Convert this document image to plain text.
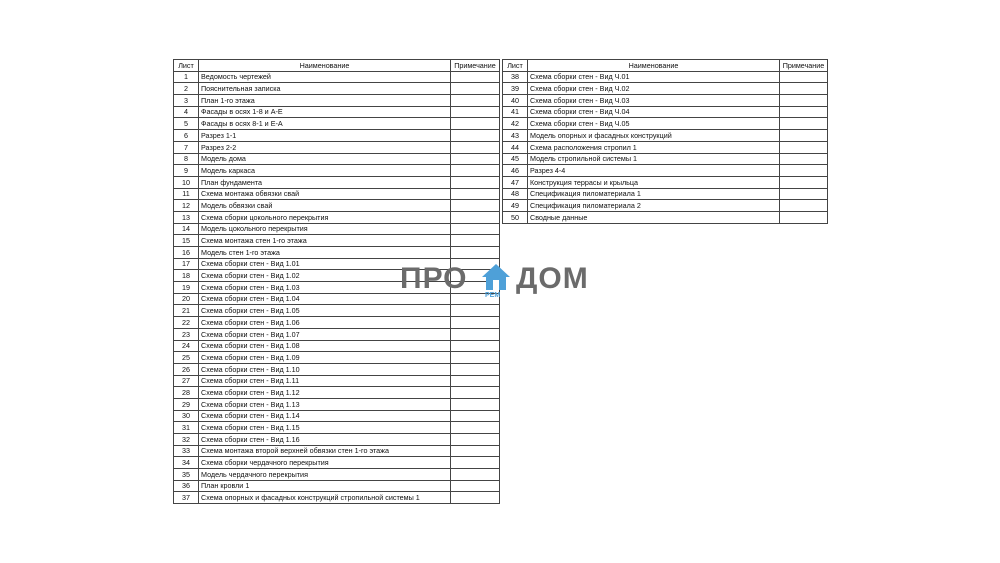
Лист	Наименование	Примечание
1	Ведомость чертежей	
2	Пояснительная записка	
3	План 1-го этажа	
4	Фасады в осях 1-8 и А-Е	
5	Фасады в осях 8-1 и Е-А	
6	Разрез 1-1	
7	Разрез 2-2	
8	Модель дома	
9	Модель каркаса	
10	План фундамента	
11	Схема монтажа обвязки свай	
12	Модель обвязки свай	
13	Схема сборки цокольного перекрытия	
14	Модель цокольного перекрытия	
15	Схема монтажа стен 1-го этажа	
16	Модель стен 1-го этажа	
17	Схема сборки стен - Вид 1.01	
18	Схема сборки стен - Вид 1.02	
19	Схема сборки стен - Вид 1.03	
20	Схема сборки стен - Вид 1.04	
21	Схема сборки стен - Вид 1.05	
22	Схема сборки стен - Вид 1.06	
23	Схема сборки стен - Вид 1.07	
24	Схема сборки стен - Вид 1.08	
25	Схема сборки стен - Вид 1.09	
26	Схема сборки стен - Вид 1.10	
27	Схема сборки стен - Вид 1.11	
28	Схема сборки стен - Вид 1.12	
29	Схема сборки стен - Вид 1.13	
30	Схема сборки стен - Вид 1.14	
31	Схема сборки стен - Вид 1.15	
32	Схема сборки стен - Вид 1.16	
33	Схема монтажа второй верхней обвязки стен 1-го этажа	
34	Схема сборки чердачного перекрытия	
35	Модель чердачного перекрытия	
36	План кровли 1	
37	Схема опорных и фасадных конструкций стропильной системы 1	
Лист	Наименование	Примечание
38	Схема сборки стен - Вид Ч.01	
39	Схема сборки стен - Вид Ч.02	
40	Схема сборки стен - Вид Ч.03	
41	Схема сборки стен - Вид Ч.04	
42	Схема сборки стен - Вид Ч.05	
43	Модель опорных и фасадных конструкций	
44	Схема расположения стропил 1	
45	Модель стропильной системы 1	
46	Разрез 4-4	
47	Конструкция террасы и крыльца	
48	Спецификация пиломатериала 1	
49	Спецификация пиломатериала 2	
50	Сводные данные	
ПРО
РЕМ
ДОМ
